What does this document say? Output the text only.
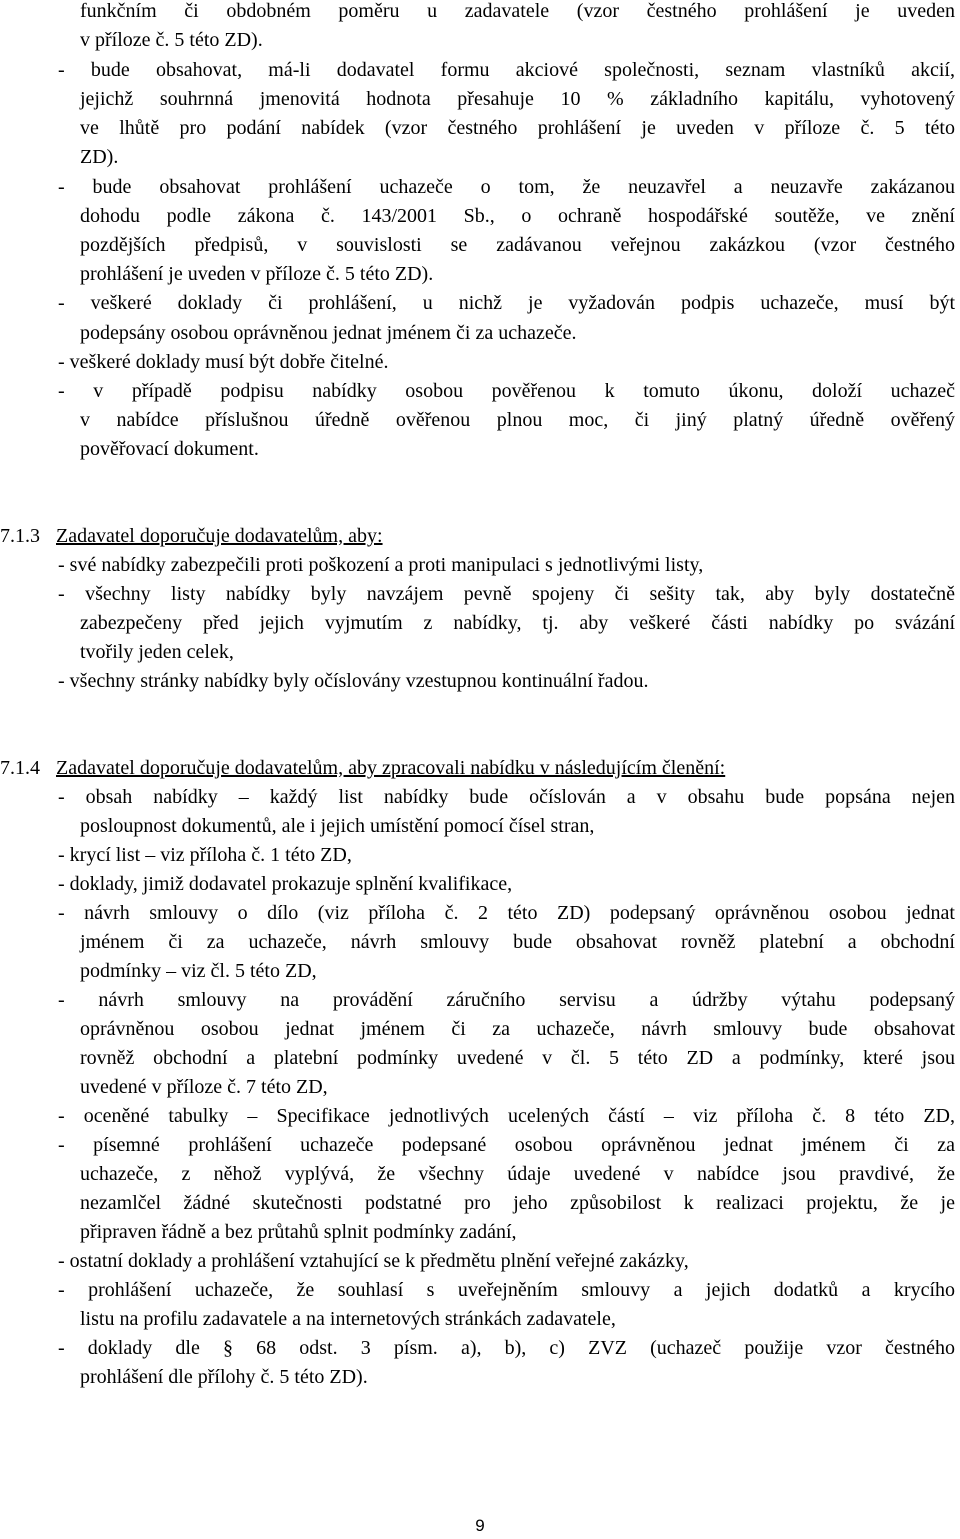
funkčním či obdobném poměru u zadavatele (vzor čestného prohlášení je uveden
v příloze č. 5 této ZD).
- bude obsahovat, má-li dodavatel formu akciové společnosti, seznam vlastníků akcií,
jejichž souhrnná jmenovitá hodnota přesahuje 10 % základního kapitálu, vyhotovený
ve lhůtě pro podání nabídek (vzor čestného prohlášení je uveden v příloze č. 5 této
ZD).
- bude obsahovat prohlášení uchazeče o tom, že neuzavřel a neuzavře zakázanou
dohodu podle zákona č. 143/2001 Sb., o ochraně hospodářské soutěže, ve znění
pozdějších předpisů, v souvislosti se zadávanou veřejnou zakázkou (vzor čestného
prohlášení je uveden v příloze č. 5 této ZD).
- veškeré doklady či prohlášení, u nichž je vyžadován podpis uchazeče, musí být
podepsány osobou oprávněnou jednat jménem či za uchazeče.
- veškeré doklady musí být dobře čitelné.
- v případě podpisu nabídky osobou pověřenou k tomuto úkonu, doloží uchazeč
v nabídce příslušnou úředně ověřenou plnou moc, či jiný platný úředně ověřený
pověřovací dokument.
7.1.3 Zadavatel doporučuje dodavatelům, aby:
- své nabídky zabezpečili proti poškození a proti manipulaci s jednotlivými listy,
- všechny listy nabídky byly navzájem pevně spojeny či sešity tak, aby byly dostatečně
zabezpečeny před jejich vyjmutím z nabídky, tj. aby veškeré části nabídky po svázání
tvořily jeden celek,
- všechny stránky nabídky byly očíslovány vzestupnou kontinuální řadou.
7.1.4 Zadavatel doporučuje dodavatelům, aby zpracovali nabídku v následujícím členění:
- obsah nabídky – každý list nabídky bude očíslován a v obsahu bude popsána nejen
posloupnost dokumentů, ale i jejich umístění pomocí čísel stran,
- krycí list – viz příloha č. 1 této ZD,
- doklady, jimiž dodavatel prokazuje splnění kvalifikace,
- návrh smlouvy o dílo (viz příloha č. 2 této ZD) podepsaný oprávněnou osobou jednat
jménem či za uchazeče, návrh smlouvy bude obsahovat rovněž platební a obchodní
podmínky – viz čl. 5 této ZD,
- návrh smlouvy na provádění záručního servisu a údržby výtahu podepsaný
oprávněnou osobou jednat jménem či za uchazeče, návrh smlouvy bude obsahovat
rovněž obchodní a platební podmínky uvedené v čl. 5 této ZD a podmínky, které jsou
uvedené v příloze č. 7 této ZD,
- oceněné tabulky – Specifikace jednotlivých ucelených částí – viz příloha č. 8 této ZD,
- písemné prohlášení uchazeče podepsané osobou oprávněnou jednat jménem či za
uchazeče, z něhož vyplývá, že všechny údaje uvedené v nabídce jsou pravdivé, že
nezamlčel žádné skutečnosti podstatné pro jeho způsobilost k realizaci projektu, že je
připraven řádně a bez průtahů splnit podmínky zadání,
- ostatní doklady a prohlášení vztahující se k předmětu plnění veřejné zakázky,
- prohlášení uchazeče, že souhlasí s uveřejněním smlouvy a jejich dodatků a krycího
listu na profilu zadavatele a na internetových stránkách zadavatele,
- doklady dle § 68 odst. 3 písm. a), b), c) ZVZ (uchazeč použije vzor čestného
prohlášení dle přílohy č. 5 této ZD).
9
